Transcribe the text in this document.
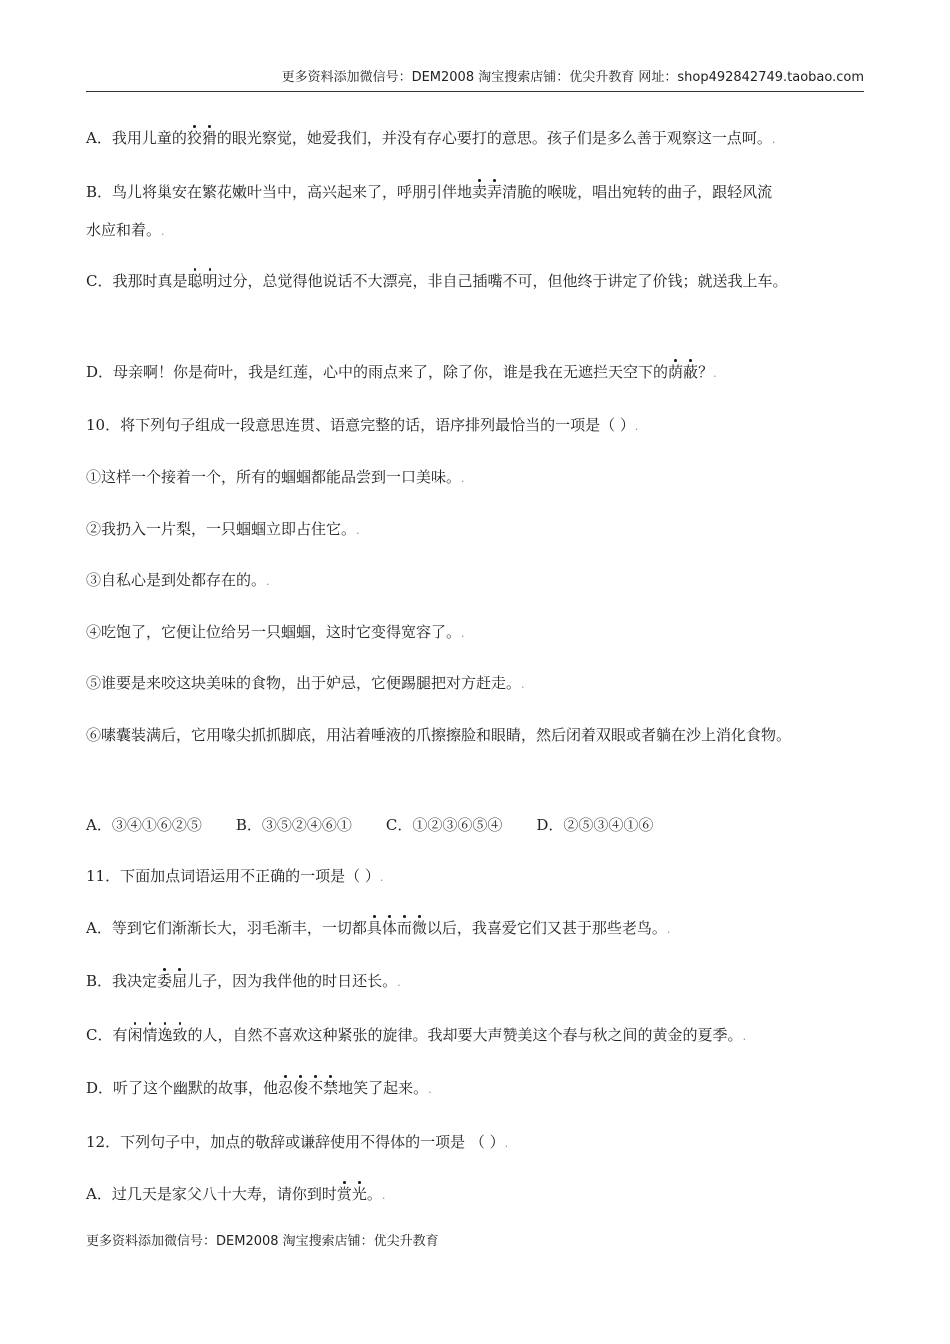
更多资料添加微信号：DEM2008 淘宝搜索店铺：优尖升教育 网址：shop492842749.taobao.com
A．我用儿童的狡猾的眼光察觉，她爱我们，并没有存心要打的意思。孩子们是多么善于观察这一点呵。.
B．鸟儿将巢安在繁花嫩叶当中，高兴起来了，呼朋引伴地卖弄清脆的喉咙，唱出宛转的曲子，跟轻风流
水应和着。.
C．我那时真是聪明过分，总觉得他说话不大漂亮，非自己插嘴不可，但他终于讲定了价钱；就送我上车。
D．母亲啊！你是荷叶，我是红莲，心中的雨点来了，除了你，谁是我在无遮拦天空下的荫蔽？.
10．将下列句子组成一段意思连贯、语意完整的话，语序排列最恰当的一项是（ ）.
①这样一个接着一个，所有的蝈蝈都能品尝到一口美味。.
②我扔入一片梨，一只蝈蝈立即占住它。.
③自私心是到处都存在的。.
④吃饱了，它便让位给另一只蝈蝈，这时它变得宽容了。.
⑤谁要是来咬这块美味的食物，出于妒忌，它便踢腿把对方赶走。.
⑥嗉囊装满后，它用喙尖抓抓脚底，用沾着唾液的爪擦擦脸和眼睛，然后闭着双眼或者躺在沙上消化食物。
A．③④①⑥②⑤ B．③⑤②④⑥① C．①②③⑥⑤④ D．②⑤③④①⑥
11．下面加点词语运用不正确的一项是（ ）.
A．等到它们渐渐长大，羽毛渐丰，一切都具体而微以后，我喜爱它们又甚于那些老鸟。.
B．我决定委屈儿子，因为我伴他的时日还长。.
C．有闲情逸致的人，自然不喜欢这种紧张的旋律。我却要大声赞美这个春与秋之间的黄金的夏季。.
D．听了这个幽默的故事，他忍俊不禁地笑了起来。.
12．下列句子中，加点的敬辞或谦辞使用不得体的一项是 （ ）.
A．过几天是家父八十大寿，请你到时赏光。.
更多资料添加微信号：DEM2008 淘宝搜索店铺：优尖升教育
